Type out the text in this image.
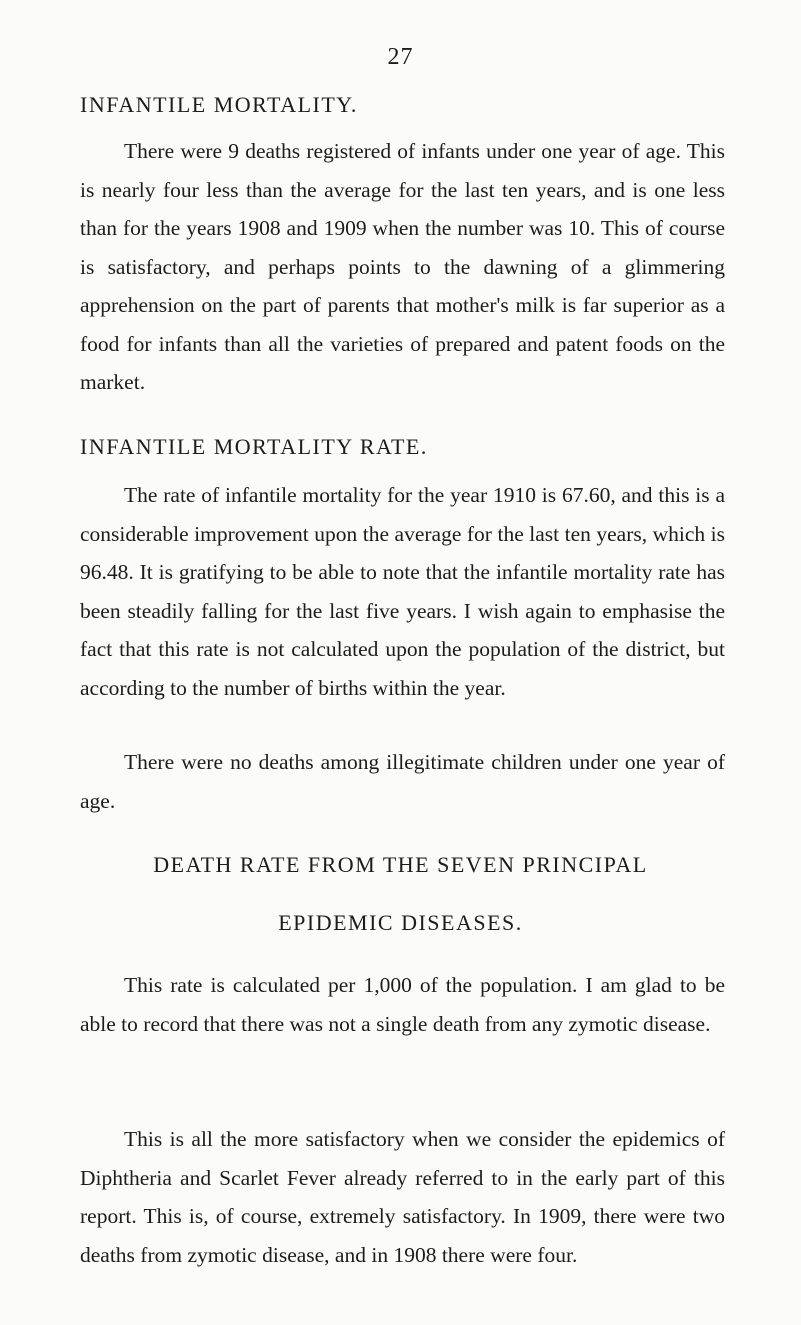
27
INFANTILE MORTALITY.

There were 9 deaths registered of infants under one year of age. This is nearly four less than the average for the last ten years, and is one less than for the years 1908 and 1909 when the number was 10. This of course is satisfactory, and perhaps points to the dawning of a glimmering apprehension on the part of parents that mother's milk is far superior as a food for infants than all the varieties of prepared and patent foods on the market.

INFANTILE MORTALITY RATE.

The rate of infantile mortality for the year 1910 is 67.60, and this is a considerable improvement upon the average for the last ten years, which is 96.48. It is gratifying to be able to note that the infantile mortality rate has been steadily falling for the last five years. I wish again to emphasise the fact that this rate is not calculated upon the population of the district, but according to the number of births within the year.

There were no deaths among illegitimate children under one year of age.

DEATH RATE FROM THE SEVEN PRINCIPAL
EPIDEMIC DISEASES.

This rate is calculated per 1,000 of the population. I am glad to be able to record that there was not a single death from any zymotic disease.

This is all the more satisfactory when we consider the epidemics of Diphtheria and Scarlet Fever already referred to in the early part of this report. This is, of course, extremely satisfactory. In 1909, there were two deaths from zymotic disease, and in 1908 there were four.
